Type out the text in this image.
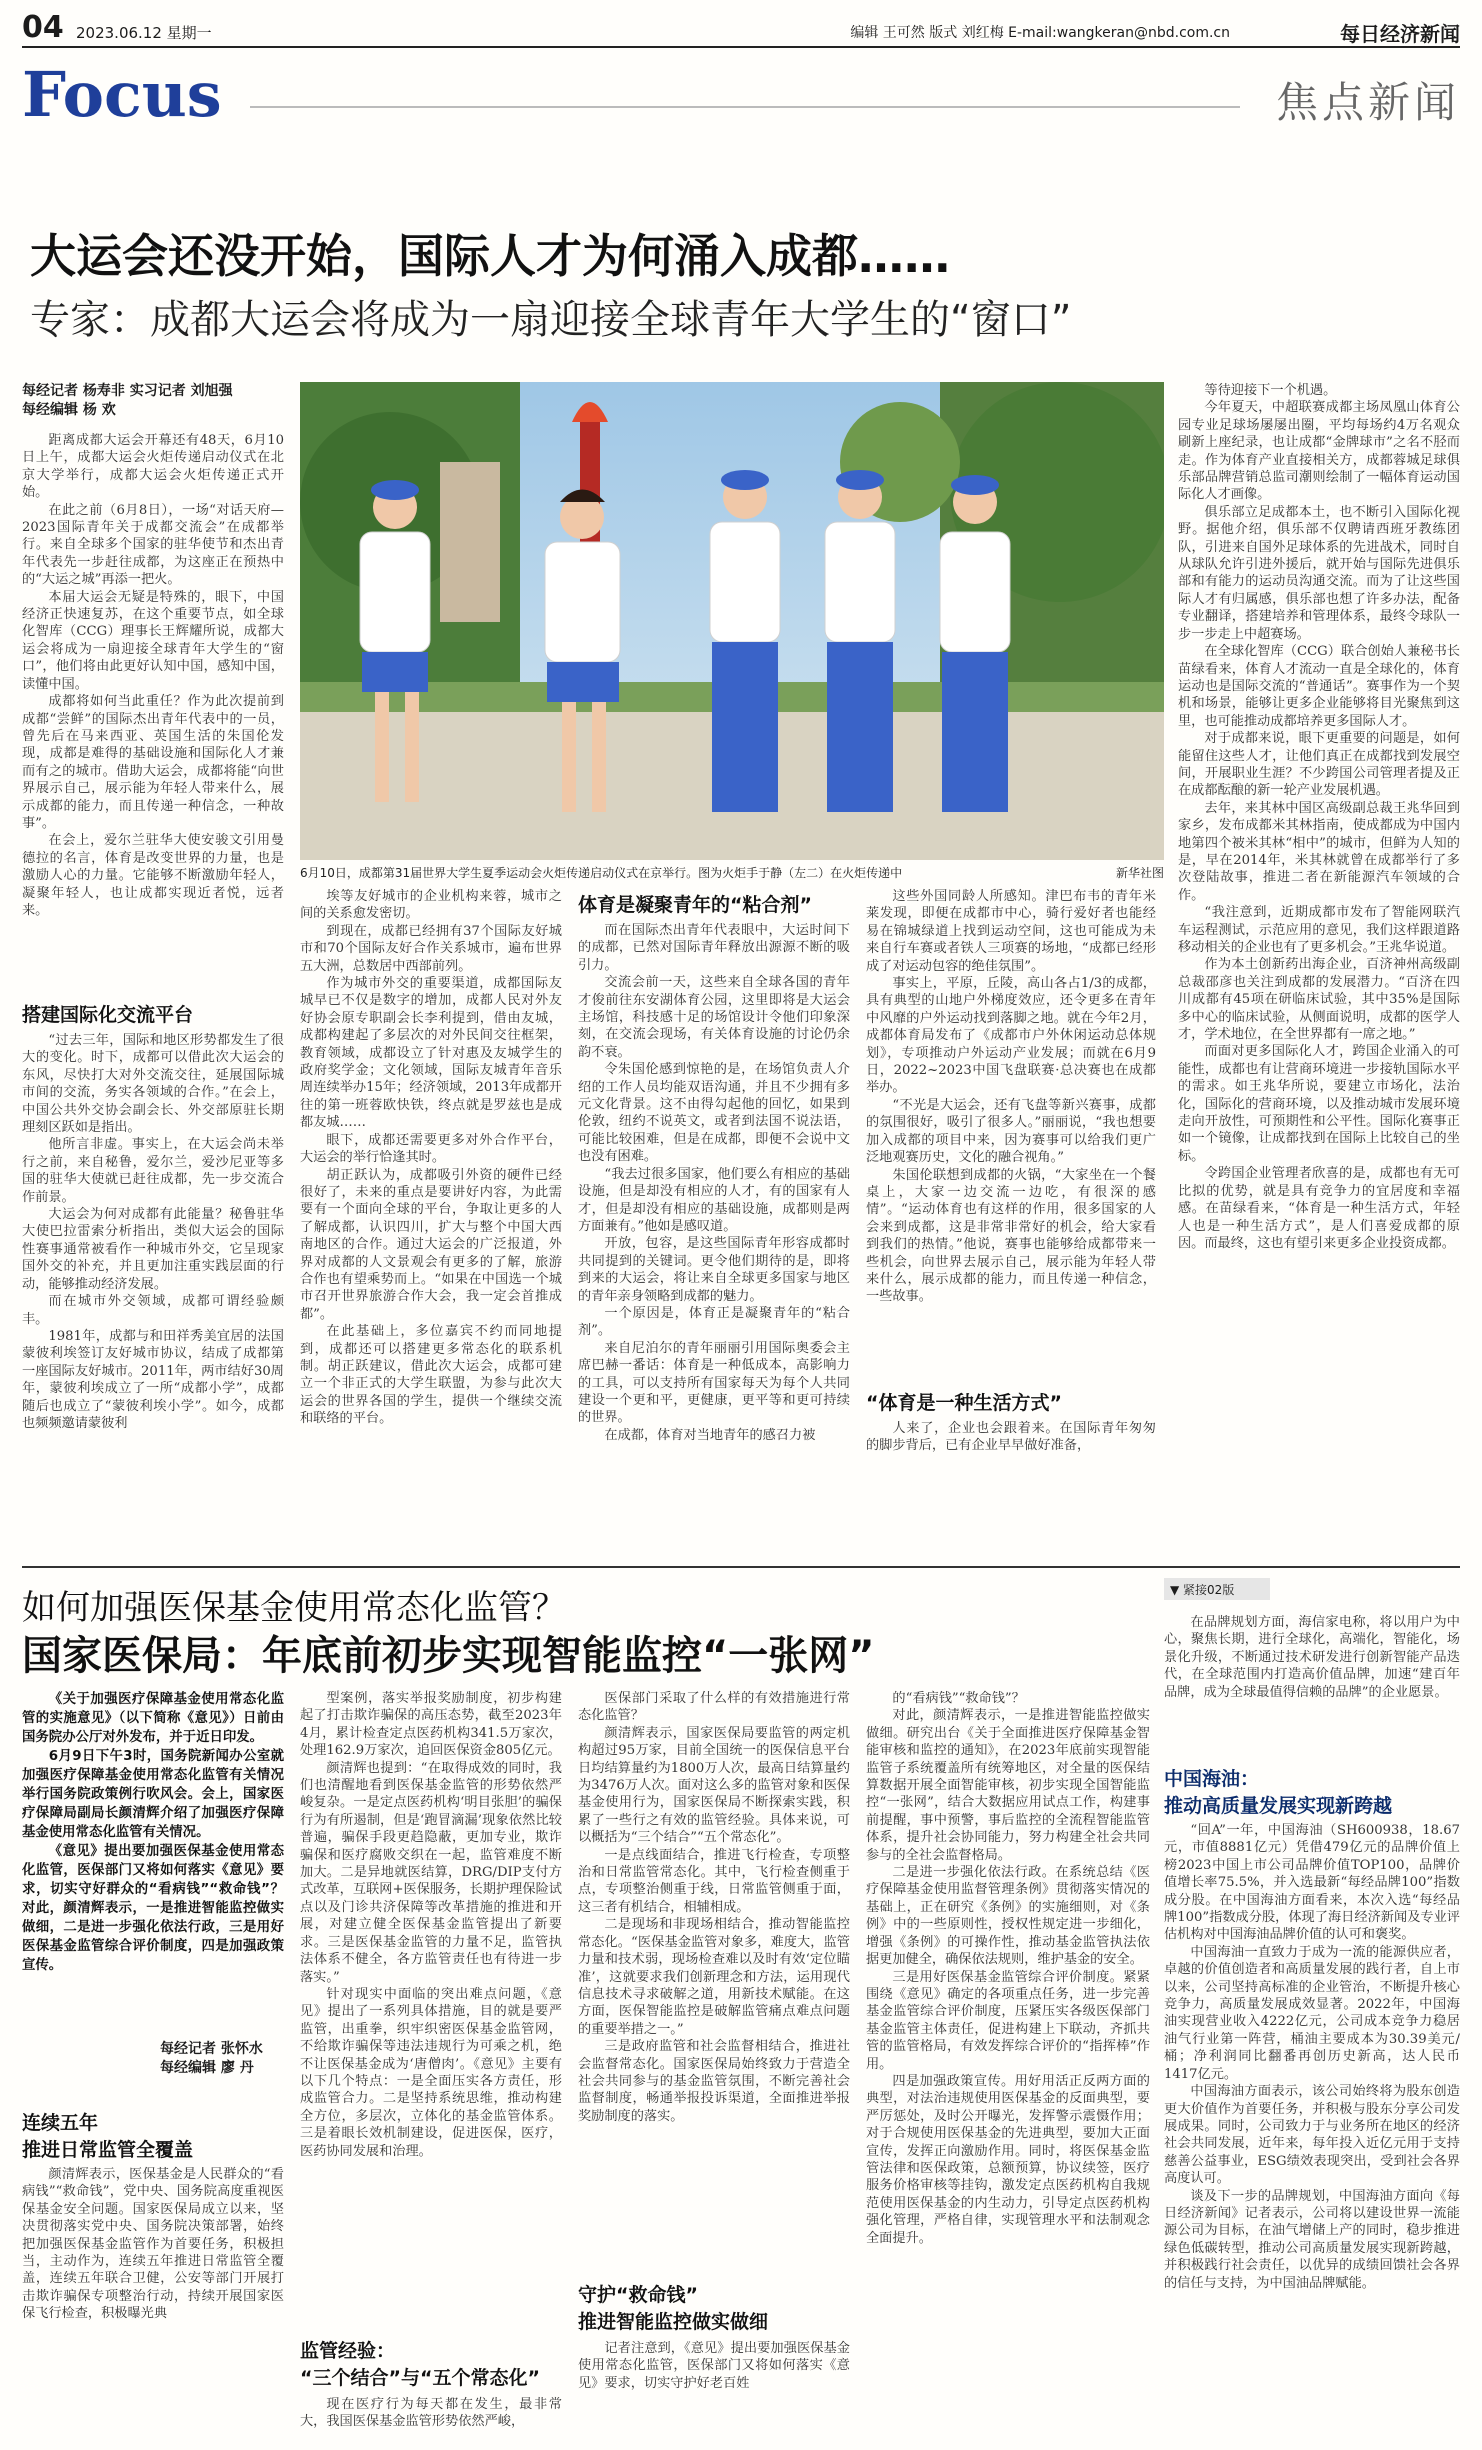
04 2023.06.12 星期一	编辑 王可然 版式 刘红梅 E-mail:wangkeran@nbd.com.cn	每日经济新闻
Focus	焦点新闻
大运会还没开始，国际人才为何涌入成都……
专家：成都大运会将成为一扇迎接全球青年大学生的“窗口”
每经记者 杨寿非 实习记者 刘旭强
每经编辑 杨 欢

距离成都大运会开幕还有48天，6月10日上午，成都大运会火炬传递启动仪式在北京大学举行，成都大运会火炬传递正式开始。

在此之前（6月8日），一场“对话天府—2023国际青年关于成都交流会”在成都举行。来自全球多个国家的驻华使节和杰出青年代表先一步赶往成都，为这座正在预热中的“大运之城”再添一把火。

本届大运会无疑是特殊的，眼下，中国经济正快速复苏，在这个重要节点，如全球化智库（CCG）理事长王辉耀所说，成都大运会将成为一扇迎接全球青年大学生的“窗口”，他们将由此更好认知中国，感知中国，读懂中国。

成都将如何当此重任？作为此次提前到成都“尝鲜”的国际杰出青年代表中的一员，曾先后在马来西亚、英国生活的朱国伦发现，成都是难得的基础设施和国际化人才兼而有之的城市。借助大运会，成都将能“向世界展示自己，展示能为年轻人带来什么，展示成都的能力，而且传递一种信念，一种故事”。

在会上，爱尔兰驻华大使安骏文引用曼德拉的名言，体育是改变世界的力量，也是激励人心的力量。它能够不断激励年轻人，凝聚年轻人，也让成都实现近者悦，远者来。

搭建国际化交流平台

“过去三年，国际和地区形势都发生了很大的变化。时下，成都可以借此次大运会的东风，尽快打大对外交流交往，延展国际城市间的交流，务实各领域的合作。”在会上，中国公共外交协会副会长、外交部原驻长期理刻区跃如是指出。

他所言非虚。事实上，在大运会尚未举行之前，来自秘鲁，爱尔兰，爱沙尼亚等多国的驻华大使就已赶往成都，先一步交流合作前景。

大运会为何对成都有此能量？秘鲁驻华大使巴拉雷索分析指出，类似大运会的国际性赛事通常被看作一种城市外交，它呈现家国外交的补充，并且更加注重实践层面的行动，能够推动经济发展。

而在城市外交领域，成都可谓经验颇丰。

1981年，成都与和田祥秀美宜居的法国蒙彼利埃签订友好城市协议，结成了成都第一座国际友好城市。2011年，两市结好30周年，蒙彼利埃成立了一所“成都小学”，成都随后也成立了“蒙彼利埃小学”。如今，成都也频频邀请蒙彼利

6月10日，成都第31届世界大学生夏季运动会火炬传递启动仪式在京举行。图为火炬手于静（左二）在火炬传递中	新华社图

埃等友好城市的企业机构来蓉，城市之间的关系愈发密切。

到现在，成都已经拥有37个国际友好城市和70个国际友好合作关系城市，遍布世界五大洲，总数居中西部前列。

作为城市外交的重要渠道，成都国际友城早已不仅是数字的增加，成都人民对外友好协会原专职副会长李利提到，借由友城，成都构建起了多层次的对外民间交往框架，教育领域，成都设立了针对惠及友城学生的政府奖学金；文化领域，国际友城青年音乐周连续举办15年；经济领域，2013年成都开往的第一班蓉欧快铁，终点就是罗兹也是成都友城……

眼下，成都还需要更多对外合作平台，大运会的举行恰逢其时。

胡正跃认为，成都吸引外资的硬件已经很好了，未来的重点是要讲好内容，为此需要有一个面向全球的平台，争取让更多的人了解成都，认识四川，扩大与整个中国大西南地区的合作。通过大运会的广泛报道，外界对成都的人文景观会有更多的了解，旅游合作也有望乘势而上。“如果在中国选一个城市召开世界旅游合作大会，我一定会首推成都”。

在此基础上，多位嘉宾不约而同地提到，成都还可以搭建更多常态化的联系机制。胡正跃建议，借此次大运会，成都可建立一个非正式的大学生联盟，为参与此次大运会的世界各国的学生，提供一个继续交流和联络的平台。

体育是凝聚青年的“粘合剂”

而在国际杰出青年代表眼中，大运时间下的成都，已然对国际青年释放出源源不断的吸引力。

交流会前一天，这些来自全球各国的青年才俊前往东安湖体育公园，这里即将是大运会主场馆，科技感十足的场馆设计令他们印象深刻，在交流会现场，有关体育设施的讨论仍余韵不衰。

令朱国伦感到惊艳的是，在场馆负责人介绍的工作人员均能双语沟通，并且不少拥有多元文化背景。这不由得勾起他的回忆，如果到伦敦，纽约不说英文，或者到法国不说法语，可能比较困难，但是在成都，即便不会说中文也没有困难。

“我去过很多国家，他们要么有相应的基础设施，但是却没有相应的人才，有的国家有人才，但是却没有相应的基础设施，成都则是两方面兼有。”他如是感叹道。

开放，包容，是这些国际青年形容成都时共同提到的关键词。更令他们期待的是，即将到来的大运会，将让来自全球更多国家与地区的青年亲身领略到成都的魅力。

一个原因是，体育正是凝聚青年的“粘合剂”。

来自尼泊尔的青年丽丽引用国际奥委会主席巴赫一番话：体育是一种低成本，高影响力的工具，可以支持所有国家每天为每个人共同建设一个更和平，更健康，更平等和更可持续的世界。

在成都，体育对当地青年的感召力被

这些外国同龄人所感知。津巴布韦的青年米莱发现，即便在成都市中心，骑行爱好者也能经易在锦城绿道上找到运动空间，这也可能成为未来自行车赛或者铁人三项赛的场地，“成都已经形成了对运动包容的绝佳氛围”。

事实上，平原，丘陵，高山各占1/3的成都，具有典型的山地户外梯度效应，还令更多在青年中风靡的户外运动找到落脚之地。就在今年2月，成都体育局发布了《成都市户外休闲运动总体规划》，专项推动户外运动产业发展；而就在6月9日，2022~2023中国飞盘联赛·总决赛也在成都举办。

“不光是大运会，还有飞盘等新兴赛事，成都的氛围很好，吸引了很多人。”丽丽说，“我也想要加入成都的项目中来，因为赛事可以给我们更广泛地观赛历史，文化的融合视角。”

朱国伦联想到成都的火锅，“大家坐在一个餐桌上，大家一边交流一边吃，有很深的感情”。“运动体育也有这样的作用，很多国家的人会来到成都，这是非常非常好的机会，给大家看到我们的热情。”他说，赛事也能够给成都带来一些机会，向世界去展示自己，展示能为年轻人带来什么，展示成都的能力，而且传递一种信念，一些故事。

“体育是一种生活方式”

人来了，企业也会跟着来。在国际青年匆匆的脚步背后，已有企业早早做好准备，

等待迎接下一个机遇。

今年夏天，中超联赛成都主场凤凰山体育公园专业足球场屡屡出圈，平均每场约4万名观众刷新上座纪录，也让成都“金牌球市”之名不胫而走。作为体育产业直接相关方，成都蓉城足球俱乐部品牌营销总监司潮则绘制了一幅体育运动国际化人才画像。

俱乐部立足成都本土，也不断引入国际化视野。据他介绍，俱乐部不仅聘请西班牙教练团队，引进来自国外足球体系的先进战术，同时自从球队允许引进外援后，就开始与国际先进俱乐部和有能力的运动员沟通交流。而为了让这些国际人才有归属感，俱乐部也想了许多办法，配备专业翻译，搭建培养和管理体系，最终令球队一步一步走上中超赛场。

在全球化智库（CCG）联合创始人兼秘书长苗绿看来，体育人才流动一直是全球化的，体育运动也是国际交流的“普通话”。赛事作为一个契机和场景，能够让更多企业能够将目光聚焦到这里，也可能推动成都培养更多国际人才。

对于成都来说，眼下更重要的问题是，如何能留住这些人才，让他们真正在成都找到发展空间，开展职业生涯？不少跨国公司管理者提及正在成都酝酿的新一轮产业发展机遇。

去年，来其林中国区高级副总裁王兆华回到家乡，发布成都米其林指南，使成都成为中国内地第四个被米其林“相中”的城市，但鲜为人知的是，早在2014年，米其林就曾在成都举行了多次登陆故事，推进二者在新能源汽车领域的合作。

“我注意到，近期成都市发布了智能网联汽车运程测试，示范应用的意见，我们这样跟道路移动相关的企业也有了更多机会。”王兆华说道。

作为本土创新药出海企业，百济神州高级副总裁邵彦也关注到成都的发展潜力。“百济在四川成都有45项在研临床试验，其中35%是国际多中心的临床试验，从侧面说明，成都的医学人才，学术地位，在全世界都有一席之地。”

而面对更多国际化人才，跨国企业涌入的可能性，成都也有让营商环境进一步接轨国际水平的需求。如王兆华所说，要建立市场化，法治化，国际化的营商环境，以及推动城市发展环境走向开放性，可预期性和公平性。国际化赛事正如一个镜像，让成都找到在国际上比较自己的坐标。

令跨国企业管理者欣喜的是，成都也有无可比拟的优势，就是具有竞争力的宜居度和幸福感。在苗绿看来，“体育是一种生活方式，年轻人也是一种生活方式”，是人们喜爱成都的原因。而最终，这也有望引来更多企业投资成都。

如何加强医保基金使用常态化监管？
国家医保局：年底前初步实现智能监控“一张网”

《关于加强医疗保障基金使用常态化监管的实施意见》（以下简称《意见》）日前由国务院办公厅对外发布，并于近日印发。

6月9日下午3时，国务院新闻办公室就加强医疗保障基金使用常态化监管有关情况举行国务院政策例行吹风会。会上，国家医疗保障局副局长颜清辉介绍了加强医疗保障基金使用常态化监管有关情况。

《意见》提出要加强医保基金使用常态化监管，医保部门又将如何落实《意见》要求，切实守好群众的“看病钱”“救命钱”？对此，颜清辉表示，一是推进智能监控做实做细，二是进一步强化依法行政，三是用好医保基金监管综合评价制度，四是加强政策宣传。

每经记者 张怀水
每经编辑 廖 丹
连续五年
推进日常监管全覆盖

颜清辉表示，医保基金是人民群众的“看病钱”“救命钱”，党中央、国务院高度重视医保基金安全问题。国家医保局成立以来，坚决贯彻落实党中央、国务院决策部署，始终把加强医保基金监管作为首要任务，积极担当，主动作为，连续五年推进日常监管全覆盖，连续五年联合卫健，公安等部门开展打击欺诈骗保专项整治行动，持续开展国家医保飞行检查，积极曝光典

型案例，落实举报奖励制度，初步构建起了打击欺诈骗保的高压态势，截至2023年4月，累计检查定点医药机构341.5万家次，处理162.9万家次，追回医保资金805亿元。

颜清辉也提到：“在取得成效的同时，我们也清醒地看到医保基金监管的形势依然严峻复杂。一是定点医药机构‘明目张胆’的骗保行为有所遏制，但是‘跑冒滴漏’现象依然比较普遍，骗保手段更趋隐蔽，更加专业，欺诈骗保和医疗腐败交织在一起，监管难度不断加大。二是异地就医结算，DRG/DIP支付方式改革，互联网+医保服务，长期护理保险试点以及门诊共济保障等改革措施的推进和开展，对建立健全医保基金监管提出了新要求。三是医保基金监管的力量不足，监管执法体系不健全，各方监管责任也有待进一步落实。”

针对现实中面临的突出难点问题，《意见》提出了一系列具体措施，目的就是要严监管，出重拳，织牢织密医保基金监管网，不给欺诈骗保等违法违规行为可乘之机，绝不让医保基金成为‘唐僧肉’。《意见》主要有以下几个特点：一是全面压实各方责任，形成监管合力。二是坚持系统思维，推动构建全方位，多层次，立体化的基金监管体系。三是着眼长效机制建设，促进医保，医疗，医药协同发展和治理。

监管经验：
“三个结合”与“五个常态化”

现在医疗行为每天都在发生，最非常大，我国医保基金监管形势依然严峻，

医保部门采取了什么样的有效措施进行常态化监管？

颜清辉表示，国家医保局要监管的两定机构超过95万家，目前全国统一的医保信息平台日均结算量约为1800万人次，最高日结算量约为3476万人次。面对这么多的监管对象和医保基金使用行为，国家医保局不断探索实践，积累了一些行之有效的监管经验。具体来说，可以概括为“三个结合”“五个常态化”。

一是点线面结合，推进飞行检查，专项整治和日常监管常态化。其中，飞行检查侧重于点，专项整治侧重于线，日常监管侧重于面，这三者有机结合，相辅相成。

二是现场和非现场相结合，推动智能监控常态化。“医保基金监管对象多，难度大，监管力量和技术弱，现场检查难以及时有效‘定位瞄准’，这就要求我们创新理念和方法，运用现代信息技术寻求破解之道，用新技术赋能。在这方面，医保智能监控是破解监管痛点难点问题的重要举措之一。”

三是政府监管和社会监督相结合，推进社会监督常态化。国家医保局始终致力于营造全社会共同参与的基金监管氛围，不断完善社会监督制度，畅通举报投诉渠道，全面推进举报奖励制度的落实。

守护“救命钱”
推进智能监控做实做细

记者注意到，《意见》提出要加强医保基金使用常态化监管，医保部门又将如何落实《意见》要求，切实守护好老百姓

的“看病钱”“救命钱”？

对此，颜清辉表示，一是推进智能监控做实做细。研究出台《关于全面推进医疗保障基金智能审核和监控的通知》，在2023年底前实现智能监管子系统覆盖所有统筹地区，对全量的医保结算数据开展全面智能审核，初步实现全国智能监控“一张网”，结合大数据应用试点工作，构建事前提醒，事中预警，事后监控的全流程智能监管体系，提升社会协同能力，努力构建全社会共同参与的全社会监督格局。

二是进一步强化依法行政。在系统总结《医疗保障基金使用监督管理条例》贯彻落实情况的基础上，正在研究《条例》的实施细则，对《条例》中的一些原则性，授权性规定进一步细化，增强《条例》的可操作性，推动基金监管执法依据更加健全，确保依法规则，维护基金的安全。

三是用好医保基金监管综合评价制度。紧紧围绕《意见》确定的各项重点任务，进一步完善基金监管综合评价制度，压紧压实各级医保部门基金监管主体责任，促进构建上下联动，齐抓共管的监管格局，有效发挥综合评价的“指挥棒”作用。

四是加强政策宣传。用好用活正反两方面的典型，对法治违规使用医保基金的反面典型，要严厉惩处，及时公开曝光，发挥警示震慑作用；对于合规使用医保基金的先进典型，要加大正面宣传，发挥正向激励作用。同时，将医保基金监管法律和医保政策，总额预算，协议续签，医疗服务价格审核等挂钩，激发定点医药机构自我规范使用医保基金的内生动力，引导定点医药机构强化管理，严格自律，实现管理水平和法制观念全面提升。

▼ 紧接02版

在品牌规划方面，海信家电称，将以用户为中心，聚焦长期，进行全球化，高端化，智能化，场景化升级，不断通过技术研发进行创新智能产品迭代，在全球范围内打造高价值品牌，加速“建百年品牌，成为全球最值得信赖的品牌”的企业愿景。

中国海油：
推动高质量发展实现新跨越

“回A”一年，中国海油（SH600938，18.67元，市值8881亿元）凭借479亿元的品牌价值上榜2023中国上市公司品牌价值TOP100，品牌价值增长率75.5%，并入选最新“每经品牌100”指数成分股。在中国海油方面看来，本次入选“每经品牌100”指数成分股，体现了海日经济新闻及专业评估机构对中国海油品牌价值的认可和褒奖。

中国海油一直致力于成为一流的能源供应者，卓越的价值创造者和高质量发展的践行者，自上市以来，公司坚持高标准的企业管治，不断提升核心竞争力，高质量发展成效显著。2022年，中国海油实现营业收入4222亿元，公司成本竞争力稳居油气行业第一阵营，桶油主要成本为30.39美元/桶；净利润同比翻番再创历史新高，达人民币1417亿元。

中国海油方面表示，该公司始终将为股东创造更大价值作为首要任务，并积极与股东分享公司发展成果。同时，公司致力于与业务所在地区的经济社会共同发展，近年来，每年投入近亿元用于支持慈善公益事业，ESG绩效表现突出，受到社会各界高度认可。

谈及下一步的品牌规划，中国海油方面向《每日经济新闻》记者表示，公司将以建设世界一流能源公司为目标，在油气增储上产的同时，稳步推进绿色低碳转型，推动公司高质量发展实现新跨越，并积极践行社会责任，以优异的成绩回馈社会各界的信任与支持，为中国油品牌赋能。
